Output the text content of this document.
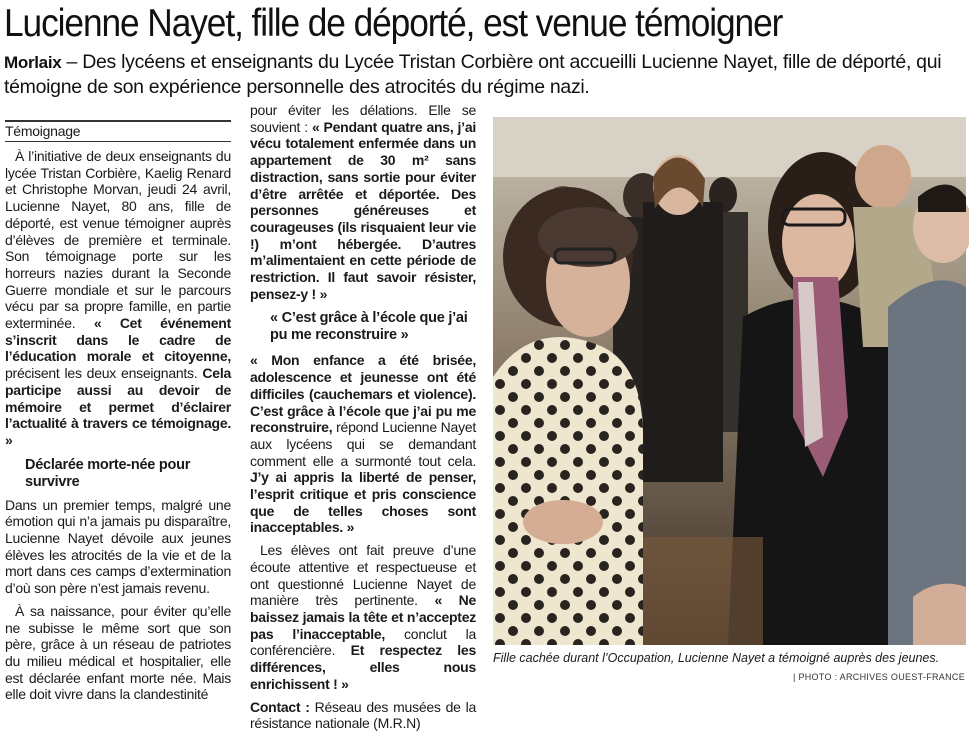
Lucienne Nayet, fille de déporté, est venue témoigner
Morlaix – Des lycéens et enseignants du Lycée Tristan Corbière ont accueilli Lucienne Nayet, fille de déporté, qui témoigne de son expérience personnelle des atrocités du régime nazi.
Témoignage

À l’initiative de deux enseignants du lycée Tristan Corbière, Kaelig Renard et Christophe Morvan, jeudi 24 avril, Lucienne Nayet, 80 ans, fille de déporté, est venue témoigner auprès d’élèves de première et terminale. Son témoignage porte sur les horreurs nazies durant la Seconde Guerre mondiale et sur le parcours vécu par sa propre famille, en partie exterminée. « Cet événement s’inscrit dans le cadre de l’éducation morale et citoyenne, précisent les deux enseignants. Cela participe aussi au devoir de mémoire et permet d’éclairer l’actualité à travers ce témoignage. »

Déclarée morte-née pour survivre

Dans un premier temps, malgré une émotion qui n’a jamais pu disparaître, Lucienne Nayet dévoile aux jeunes élèves les atrocités de la vie et de la mort dans ces camps d’extermination d’où son père n’est jamais revenu.

À sa naissance, pour éviter qu’elle ne subisse le même sort que son père, grâce à un réseau de patriotes du milieu médical et hospitalier, elle est déclarée enfant morte née. Mais elle doit vivre dans la clandestinité

pour éviter les délations. Elle se souvient : « Pendant quatre ans, j’ai vécu totalement enfermée dans un appartement de 30 m² sans distraction, sans sortie pour éviter d’être arrêtée et déportée. Des personnes généreuses et courageuses (ils risquaient leur vie !) m’ont hébergée. D’autres m’alimentaient en cette période de restriction. Il faut savoir résister, pensez-y ! »

« C’est grâce à l’école que j’ai pu me reconstruire »

« Mon enfance a été brisée, adolescence et jeunesse ont été difficiles (cauchemars et violence). C’est grâce à l’école que j’ai pu me reconstruire, répond Lucienne Nayet aux lycéens qui se demandant comment elle a surmonté tout cela. J’y ai appris la liberté de penser, l’esprit critique et pris conscience que de telles choses sont inacceptables. »

Les élèves ont fait preuve d’une écoute attentive et respectueuse et ont questionné Lucienne Nayet de manière très pertinente. « Ne baissez jamais la tête et n’acceptez pas l’inacceptable, conclut la conférencière. Et respectez les différences, elles nous enrichissent ! »

Contact : Réseau des musées de la résistance nationale (M.R.N)

Fille cachée durant l’Occupation, Lucienne Nayet a témoigné auprès des jeunes.
| PHOTO : ARCHIVES OUEST-FRANCE
